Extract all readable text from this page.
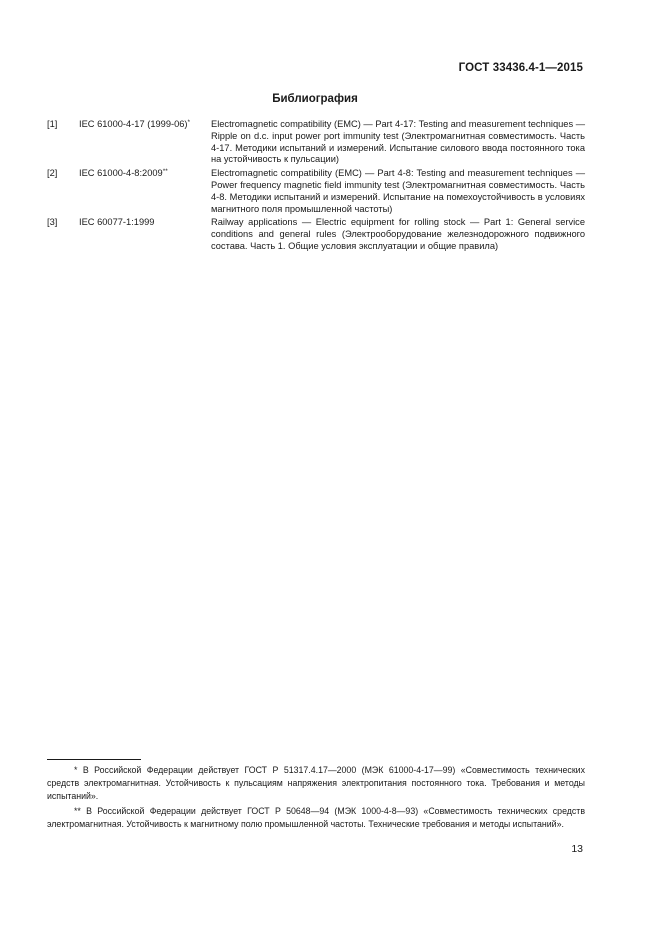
ГОСТ 33436.4-1—2015
Библиография
[1]	IEC 61000-4-17 (1999-06)*	Electromagnetic compatibility (EMC) — Part 4-17: Testing and measurement techniques — Ripple on d.c. input power port immunity test (Электромагнитная совместимость. Часть 4-17. Методики испытаний и измерений. Испытание силового ввода постоянного тока на устойчивость к пульсации)
[2]	IEC 61000-4-8:2009**	Electromagnetic compatibility (EMC) — Part 4-8: Testing and measurement techniques — Power frequency magnetic field immunity test (Электромагнитная совместимость. Часть 4-8. Методики испытаний и измерений. Испытание на помехоустойчивость в условиях магнитного поля промышленной частоты)
[3]	IEC 60077-1:1999	Railway applications — Electric equipment for rolling stock — Part 1: General service conditions and general rules (Электрооборудование железнодорожного подвижного состава. Часть 1. Общие условия эксплуатации и общие правила)
* В Российской Федерации действует ГОСТ Р 51317.4.17—2000 (МЭК 61000-4-17—99) «Совместимость технических средств электромагнитная. Устойчивость к пульсациям напряжения электропитания постоянного тока. Требования и методы испытаний».
** В Российской Федерации действует ГОСТ Р 50648—94 (МЭК 1000-4-8—93) «Совместимость технических средств электромагнитная. Устойчивость к магнитному полю промышленной частоты. Технические требования и методы испытаний».
13
